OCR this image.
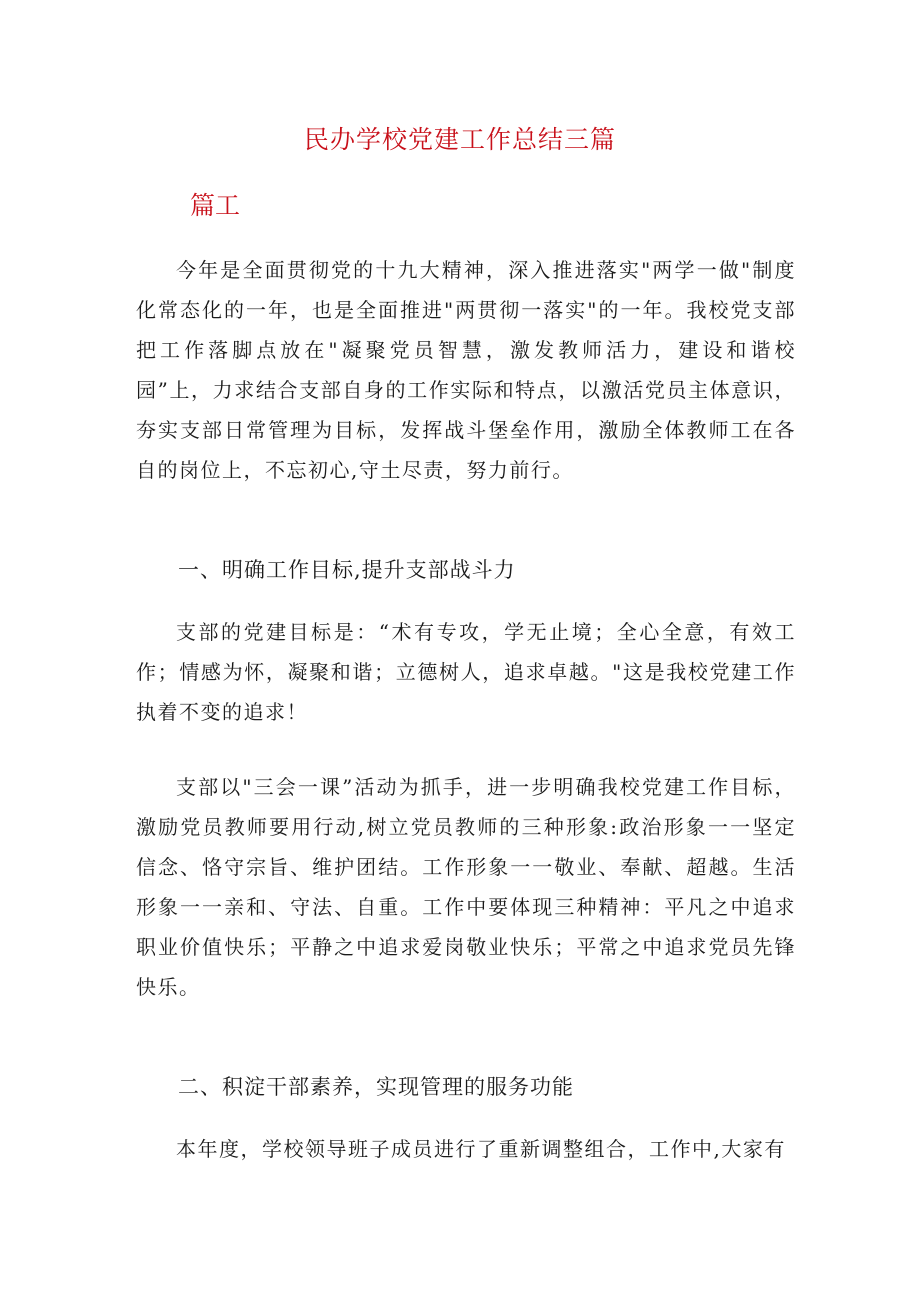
民办学校党建工作总结三篇
篇工

今年是全面贯彻党的十九大精神，深入推进落实"两学一做"制度化常态化的一年，也是全面推进"两贯彻一落实"的一年。我校党支部把工作落脚点放在"凝聚党员智慧，激发教师活力，建设和谐校园”上，力求结合支部自身的工作实际和特点，以激活党员主体意识，夯实支部日常管理为目标，发挥战斗堡垒作用，激励全体教师工在各自的岗位上，不忘初心,守土尽责，努力前行。

一、明确工作目标,提升支部战斗力

支部的党建目标是：“术有专攻，学无止境；全心全意，有效工作；情感为怀，凝聚和谐；立德树人，追求卓越。"这是我校党建工作执着不变的追求！

支部以"三会一课”活动为抓手，进一步明确我校党建工作目标，激励党员教师要用行动,树立党员教师的三种形象:政治形象一一坚定信念、恪守宗旨、维护团结。工作形象一一敬业、奉献、超越。生活形象一一亲和、守法、自重。工作中要体现三种精神：平凡之中追求职业价值快乐；平静之中追求爱岗敬业快乐；平常之中追求党员先锋快乐。

二、积淀干部素养，实现管理的服务功能

本年度，学校领导班子成员进行了重新调整组合，工作中,大家有
